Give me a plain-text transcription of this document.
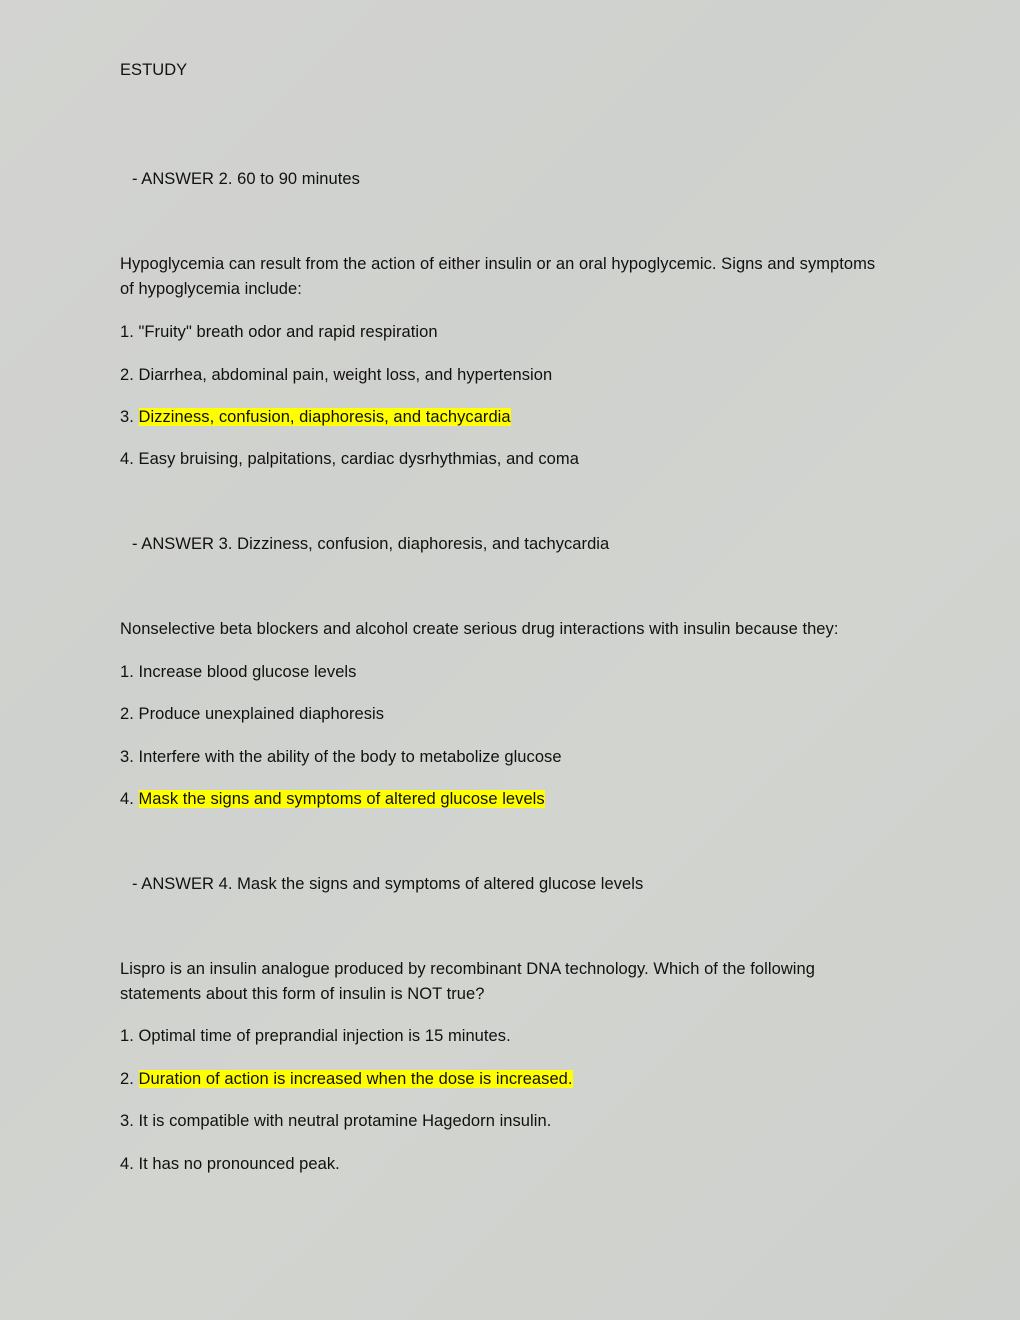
ESTUDY
- ANSWER 2. 60 to 90 minutes
Hypoglycemia can result from the action of either insulin or an oral hypoglycemic. Signs and symptoms
of hypoglycemia include:
1. "Fruity" breath odor and rapid respiration
2. Diarrhea, abdominal pain, weight loss, and hypertension
3. Dizziness, confusion, diaphoresis, and tachycardia
4. Easy bruising, palpitations, cardiac dysrhythmias, and coma
- ANSWER 3. Dizziness, confusion, diaphoresis, and tachycardia
Nonselective beta blockers and alcohol create serious drug interactions with insulin because they:
1. Increase blood glucose levels
2. Produce unexplained diaphoresis
3. Interfere with the ability of the body to metabolize glucose
4. Mask the signs and symptoms of altered glucose levels
- ANSWER 4. Mask the signs and symptoms of altered glucose levels
Lispro is an insulin analogue produced by recombinant DNA technology. Which of the following
statements about this form of insulin is NOT true?
1. Optimal time of preprandial injection is 15 minutes.
2. Duration of action is increased when the dose is increased.
3. It is compatible with neutral protamine Hagedorn insulin.
4. It has no pronounced peak.
